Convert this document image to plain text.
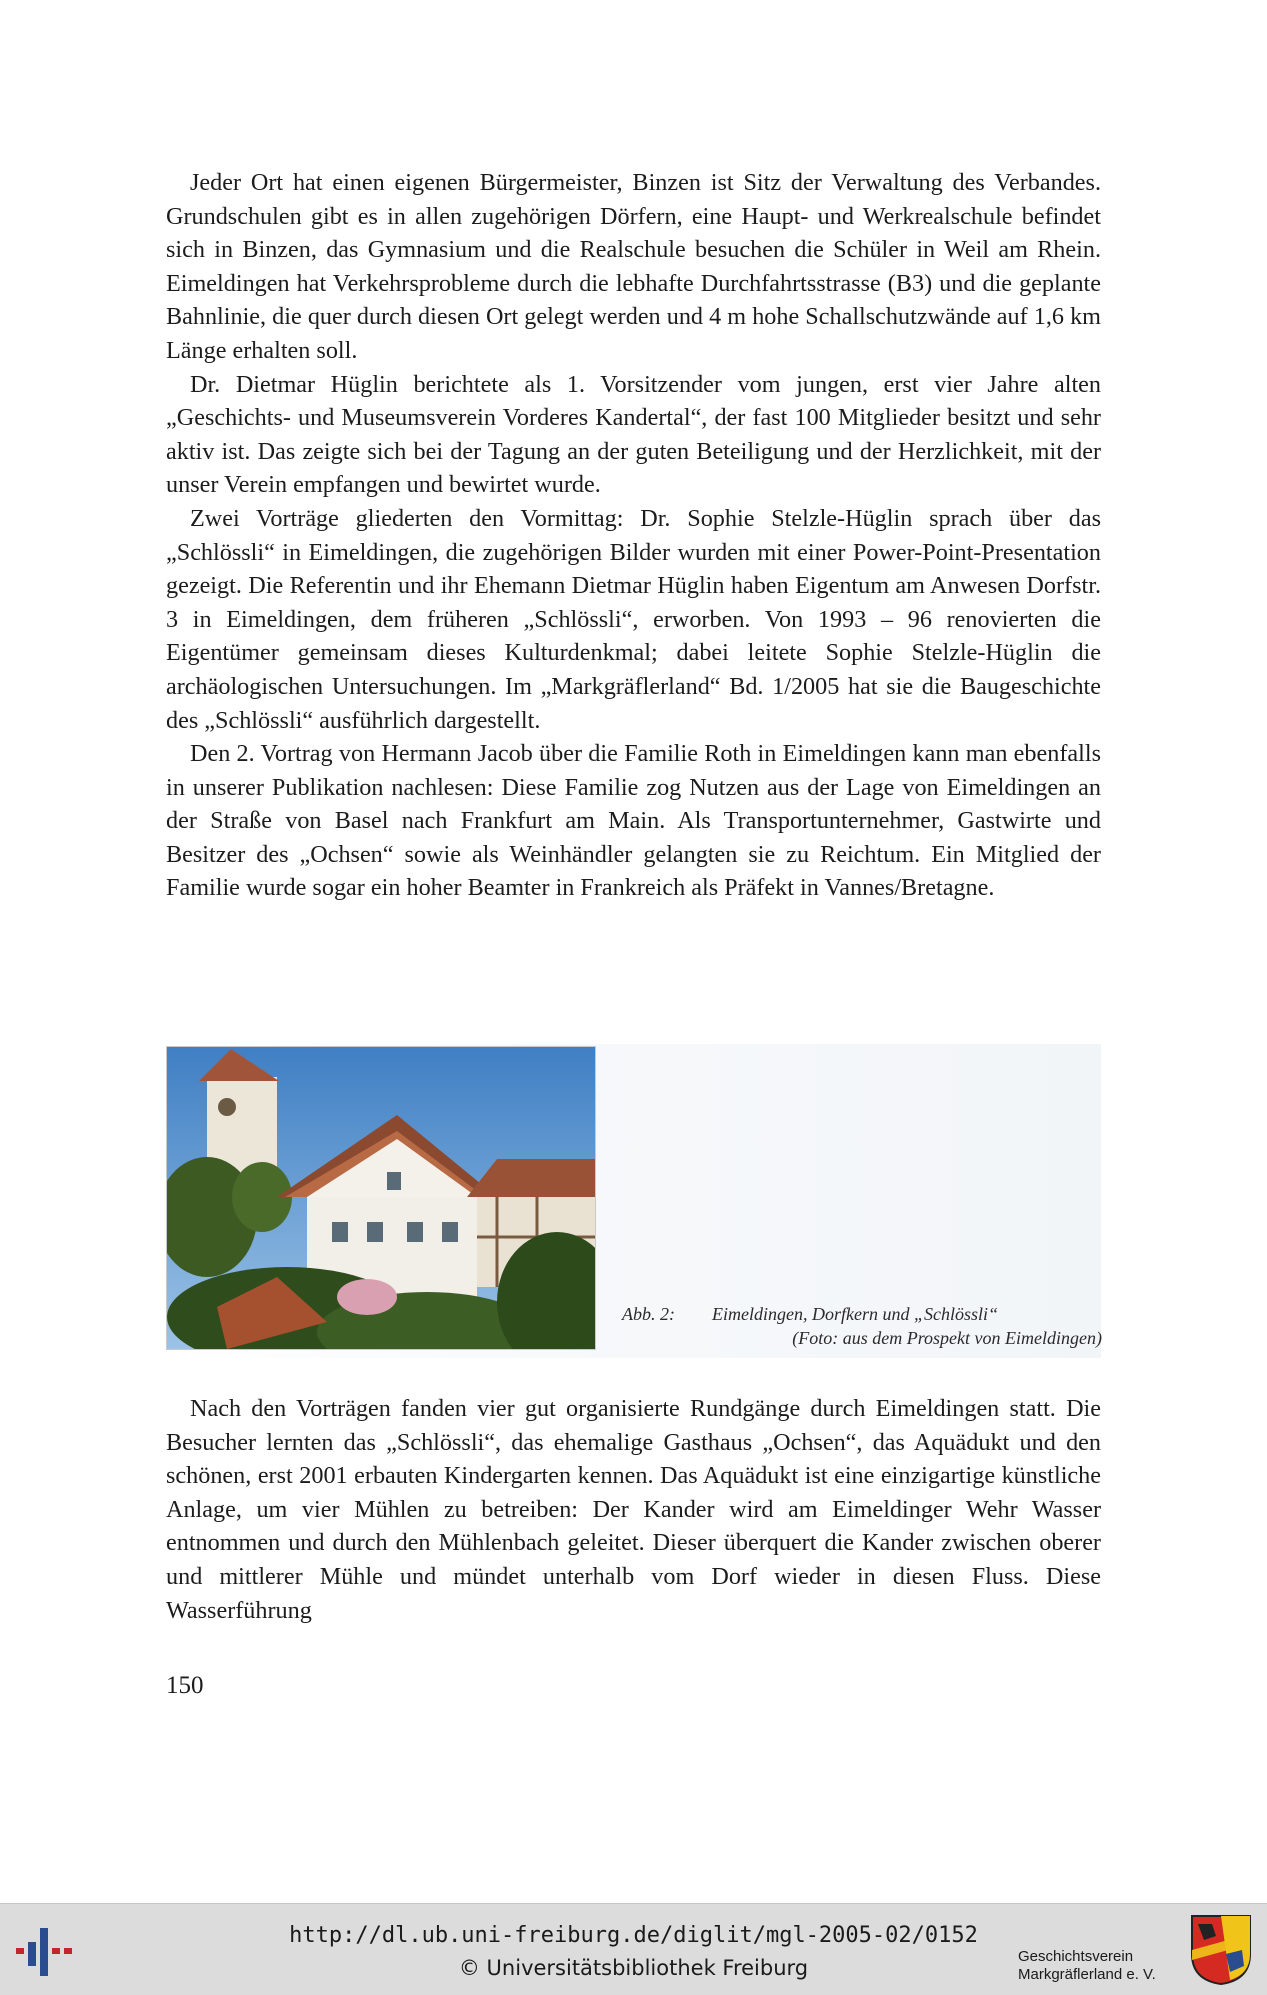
Jeder Ort hat einen eigenen Bürgermeister, Binzen ist Sitz der Verwaltung des Verbandes. Grundschulen gibt es in allen zugehörigen Dörfern, eine Haupt- und Werkrealschule befindet sich in Binzen, das Gymnasium und die Realschule besuchen die Schüler in Weil am Rhein. Eimeldingen hat Verkehrsprobleme durch die lebhafte Durchfahrtsstrasse (B3) und die geplante Bahnlinie, die quer durch diesen Ort gelegt werden und 4 m hohe Schallschutzwände auf 1,6 km Länge erhalten soll.

Dr. Dietmar Hüglin berichtete als 1. Vorsitzender vom jungen, erst vier Jahre alten „Geschichts- und Museumsverein Vorderes Kandertal“, der fast 100 Mitglieder besitzt und sehr aktiv ist. Das zeigte sich bei der Tagung an der guten Beteiligung und der Herzlichkeit, mit der unser Verein empfangen und bewirtet wurde.

Zwei Vorträge gliederten den Vormittag: Dr. Sophie Stelzle-Hüglin sprach über das „Schlössli“ in Eimeldingen, die zugehörigen Bilder wurden mit einer Power-Point-Presentation gezeigt. Die Referentin und ihr Ehemann Dietmar Hüglin haben Eigentum am Anwesen Dorfstr. 3 in Eimeldingen, dem früheren „Schlössli“, erworben. Von 1993 – 96 renovierten die Eigentümer gemeinsam dieses Kulturdenkmal; dabei leitete Sophie Stelzle-Hüglin die archäologischen Untersuchungen. Im „Markgräflerland“ Bd. 1/2005 hat sie die Baugeschichte des „Schlössli“ ausführlich dargestellt.

Den 2. Vortrag von Hermann Jacob über die Familie Roth in Eimeldingen kann man ebenfalls in unserer Publikation nachlesen: Diese Familie zog Nutzen aus der Lage von Eimeldingen an der Straße von Basel nach Frankfurt am Main. Als Transportunternehmer, Gastwirte und Besitzer des „Ochsen“ sowie als Weinhändler gelangten sie zu Reichtum. Ein Mitglied der Familie wurde sogar ein hoher Beamter in Frankreich als Präfekt in Vannes/Bretagne.

Abb. 2: Eimeldingen, Dorfkern und „Schlössli“
(Foto: aus dem Prospekt von Eimeldingen)

Nach den Vorträgen fanden vier gut organisierte Rundgänge durch Eimeldingen statt. Die Besucher lernten das „Schlössli“, das ehemalige Gasthaus „Ochsen“, das Aquädukt und den schönen, erst 2001 erbauten Kindergarten kennen. Das Aquädukt ist eine einzigartige künstliche Anlage, um vier Mühlen zu betreiben: Der Kander wird am Eimeldinger Wehr Wasser entnommen und durch den Mühlenbach geleitet. Dieser überquert die Kander zwischen oberer und mittlerer Mühle und mündet unterhalb vom Dorf wieder in diesen Fluss. Diese Wasserführung

150
http://dl.ub.uni-freiburg.de/diglit/mgl-2005-02/0152
© Universitätsbibliothek Freiburg	Geschichtsverein
Markgräflerland e. V.
